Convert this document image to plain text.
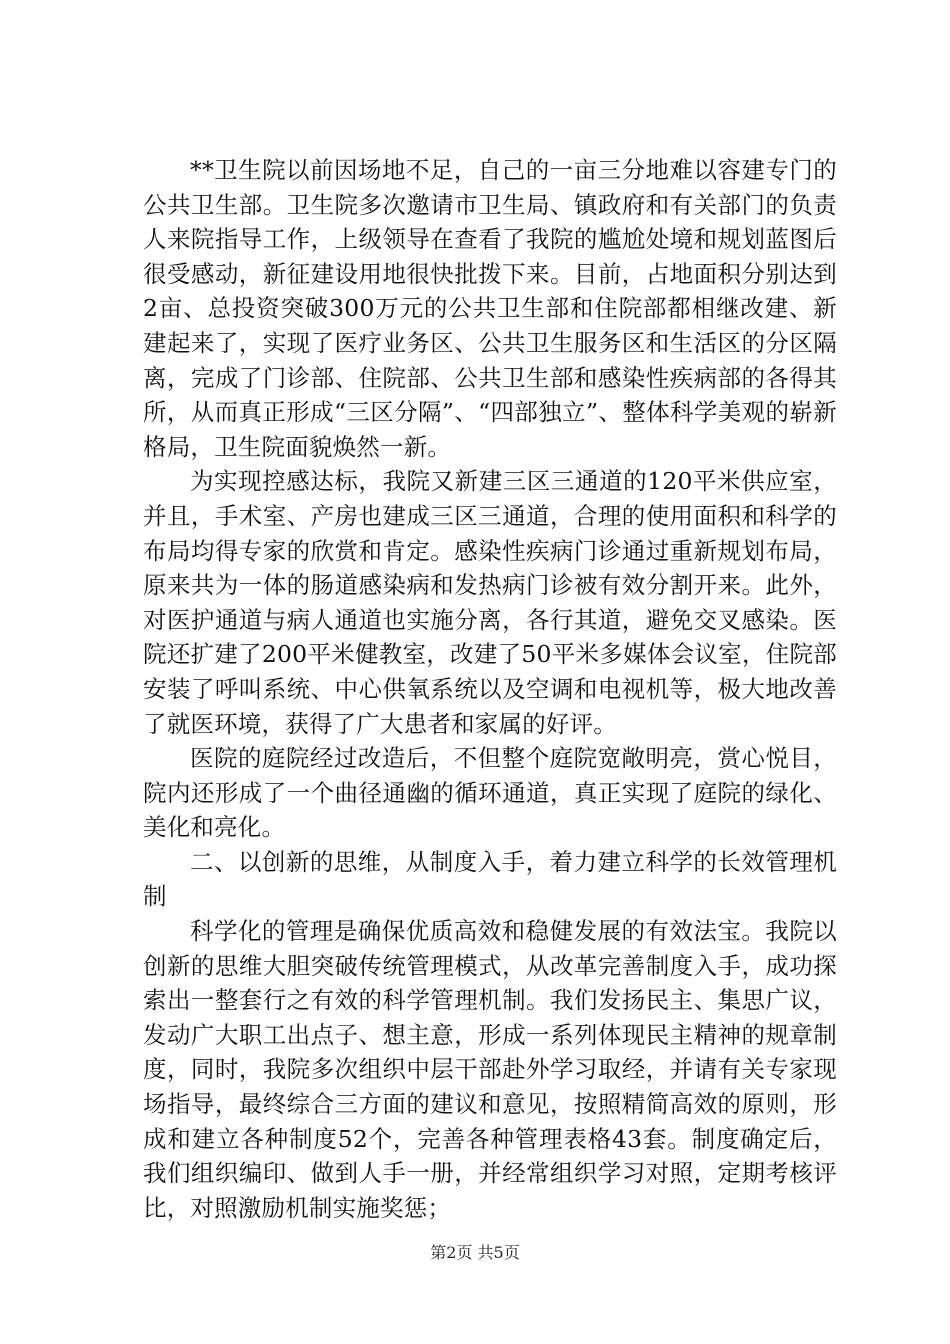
**卫生院以前因场地不足，自己的一亩三分地难以容建专门的公共卫生部。卫生院多次邀请市卫生局、镇政府和有关部门的负责人来院指导工作，上级领导在查看了我院的尴尬处境和规划蓝图后很受感动，新征建设用地很快批拨下来。目前，占地面积分别达到2亩、总投资突破300万元的公共卫生部和住院部都相继改建、新建起来了，实现了医疗业务区、公共卫生服务区和生活区的分区隔离，完成了门诊部、住院部、公共卫生部和感染性疾病部的各得其所，从而真正形成“三区分隔”、“四部独立”、整体科学美观的崭新格局，卫生院面貌焕然一新。

为实现控感达标，我院又新建三区三通道的120平米供应室，并且，手术室、产房也建成三区三通道，合理的使用面积和科学的布局均得专家的欣赏和肯定。感染性疾病门诊通过重新规划布局，原来共为一体的肠道感染病和发热病门诊被有效分割开来。此外，对医护通道与病人通道也实施分离，各行其道，避免交叉感染。医院还扩建了200平米健教室，改建了50平米多媒体会议室，住院部安装了呼叫系统、中心供氧系统以及空调和电视机等，极大地改善了就医环境，获得了广大患者和家属的好评。

医院的庭院经过改造后，不但整个庭院宽敞明亮，赏心悦目，院内还形成了一个曲径通幽的循环通道，真正实现了庭院的绿化、美化和亮化。

二、以创新的思维，从制度入手，着力建立科学的长效管理机制

科学化的管理是确保优质高效和稳健发展的有效法宝。我院以创新的思维大胆突破传统管理模式，从改革完善制度入手，成功探索出一整套行之有效的科学管理机制。我们发扬民主、集思广议，发动广大职工出点子、想主意，形成一系列体现民主精神的规章制度，同时，我院多次组织中层干部赴外学习取经，并请有关专家现场指导，最终综合三方面的建议和意见，按照精简高效的原则，形成和建立各种制度52个，完善各种管理表格43套。制度确定后，我们组织编印、做到人手一册，并经常组织学习对照，定期考核评比，对照激励机制实施奖惩；

第2页 共5页
